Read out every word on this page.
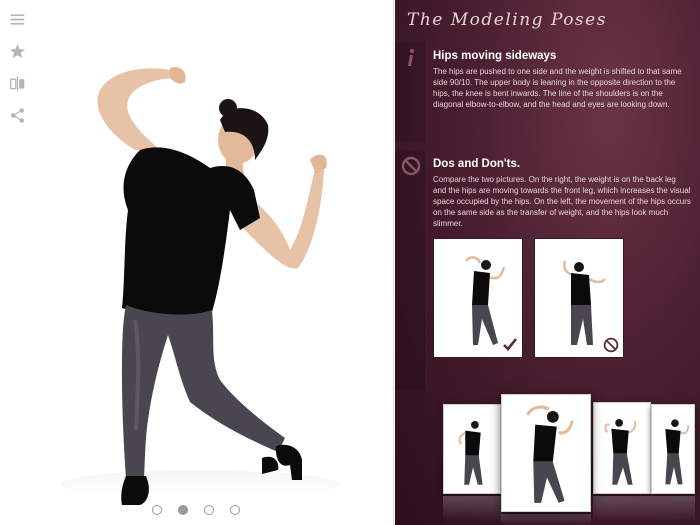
The Modeling Poses
Hips moving sideways
The hips are pushed to one side and the weight is shifted to that same side 90/10. The upper body is leaning in the opposite direction to the hips, the knee is bent inwards. The line of the shoulders is on the diagonal elbow-to-elbow, and the head and eyes are looking down.
Dos and Don'ts.
Compare the two pictures. On the right, the weight is on the back leg and the hips are moving towards the front leg, which increases the visual space occupied by the hips. On the left, the movement of the hips occurs on the same side as the transfer of weight, and the hips look much slimmer.
